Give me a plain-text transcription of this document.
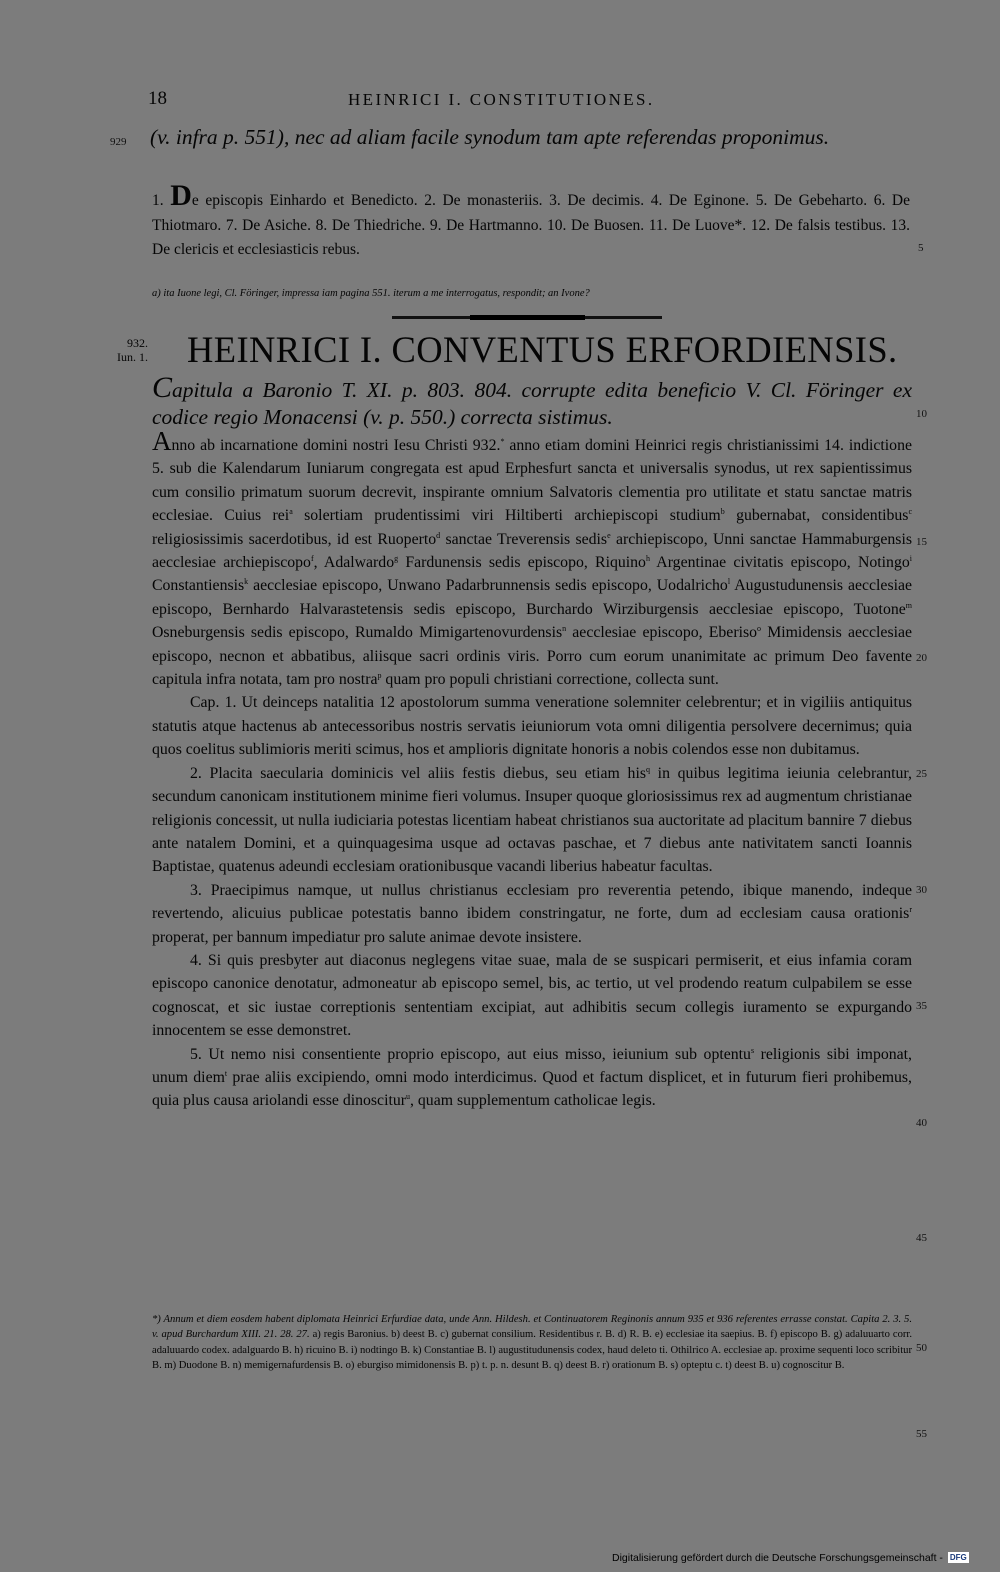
18	HEINRICI I. CONSTITUTIONES.
929 (v. infra p. 551), nec ad aliam facile synodum tam apte referendas proponimus.

1. De episcopis Einhardo et Benedicto. 2. De monasteriis. 3. De decimis. 4. De Eginone. 5. De Gebeharto. 6. De Thiotmaro. 7. De Asiche. 8. De Thiedriche. 9. De Hartmanno. 10. De Buosen. 11. De Luove*. 12. De falsis testibus. 13. De clericis et ecclesiasticis rebus.

a) ita Iuone legi, Cl. Föringer, impressa iam pagina 551. iterum a me interrogatus, respondit; an Ivone?

932.
Iun. 1. HEINRICI I. CONVENTUS ERFORDIENSIS.

Capitula a Baronio T. XI. p. 803. 804. corrupte edita beneficio V. Cl. Föringer ex codice regio Monacensi (v. p. 550.) correcta sistimus.

Anno ab incarnatione domini nostri Iesu Christi 932.* anno etiam domini Heinrici regis christianissimi 14. indictione 5. sub die Kalendarum Iuniarum congregata est apud Erphesfurt sancta et universalis synodus, ut rex sapientissimus cum consilio primatum suorum decrevit, inspirante omnium Salvatoris clementia pro utilitate et statu sanctae matris ecclesiae. Cuius rei$^a$ solertiam prudentissimi viri Hiltiberti archiepiscopi studium$^b$ gubernabat, considentibus$^c$ religiosissimis sacerdotibus, id est Ruoperto$^d$ sanctae Treverensis sedis$^e$ archiepiscopo, Unni sanctae Hammaburgensis aecclesiae archiepiscopo$^f$, Adalwardo$^g$ Fardunensis sedis episcopo, Riquino$^h$ Argentinae civitatis episcopo, Notingo$^i$ Constantiensis$^k$ aecclesiae episcopo, Unwano Padarbrunnensis sedis episcopo, Uodalricho$^l$ Augustudunensis aecclesiae episcopo, Bernhardo Halvarastetensis sedis episcopo, Burchardo Wirziburgensis aecclesiae episcopo, Tuotone$^m$ Osneburgensis sedis episcopo, Rumaldo Mimigartenovurdensis$^n$ aecclesiae episcopo, Eberiso$^o$ Mimidensis aecclesiae episcopo, necnon et abbatibus, aliisque sacri ordinis viris. Porro cum eorum unanimitate ac primum Deo favente capitula infra notata, tam pro nostra$^p$ quam pro populi christiani correctione, collecta sunt.

Cap. 1. Ut deinceps natalitia 12 apostolorum summa veneratione solemniter celebrentur; et in vigiliis antiquitus statutis atque hactenus ab antecessoribus nostris servatis ieiuniorum vota omni diligentia persolvere decernimus; quia quos coelitus sublimioris meriti scimus, hos et amplioris dignitate honoris a nobis colendos esse non dubitamus.

2. Placita saecularia dominicis vel aliis festis diebus, seu etiam his$^q$ in quibus legitima ieiunia celebrantur, secundum canonicam institutionem minime fieri volumus. Insuper quoque gloriosissimus rex ad augmentum christianae religionis concessit, ut nulla iudiciaria potestas licentiam habeat christianos sua auctoritate ad placitum bannire 7 diebus ante natalem Domini, et a quinquagesima usque ad octavas paschae, et 7 diebus ante nativitatem sancti Ioannis Baptistae, quatenus adeundi ecclesiam orationibusque vacandi liberius habeatur facultas.

3. Praecipimus namque, ut nullus christianus ecclesiam pro reverentia petendo, ibique manendo, indeque revertendo, alicuius publicae potestatis banno ibidem constringatur, ne forte, dum ad ecclesiam causa orationis$^r$ properat, per bannum impediatur pro salute animae devote insistere.

4. Si quis presbyter aut diaconus neglegens vitae suae, mala de se suspicari permiserit, et eius infamia coram episcopo canonice denotatur, admoneatur ab episcopo semel, bis, ac tertio, ut vel prodendo reatum culpabilem se esse cognoscat, et sic iustae correptionis sententiam excipiat, aut adhibitis secum collegis iuramento se expurgando innocentem se esse demonstret.

5. Ut nemo nisi consentiente proprio episcopo, aut eius misso, ieiunium sub optentu$^s$ religionis sibi imponat, unum diem$^t$ prae aliis excipiendo, omni modo interdicimus. Quod et factum displicet, et in futurum fieri prohibemus, quia plus causa ariolandi esse dinoscitur$^u$, quam supplementum catholicae legis.

*) Annum et diem eosdem habent diplomata Heinrici Erfurdiae data, unde Ann. Hildesh. et Continuatorem Reginonis annum 935 et 936 referentes errasse constat. Capita 2. 3. 5. v. apud Burchardum XIII. 21. 28. 27. a) regis Baronius. b) deest B. c) gubernat consilium. Residentibus r. B. d) R. B. e) ecclesiae ita saepius. B. f) episcopo B. g) adaluuarto corr. adaluuardo codex. adalguardo B. h) ricuino B. i) nodtingo B. k) Constantiae B. l) augustitudunensis codex, haud deleto ti. Othilrico A. ecclesiae ap. proxime sequenti loco scribitur B. m) Duodone B. n) memigernafurdensis B. o) eburgiso mimidonensis B. p) t. p. n. desunt B. q) deest B. r) orationum B. s) opteptu c. t) deest B. u) cognoscitur B.
5
10
15
20
25
30
35
40
45
50
55
Digitalisierung gefördert durch die Deutsche Forschungsgemeinschaft - DFG
